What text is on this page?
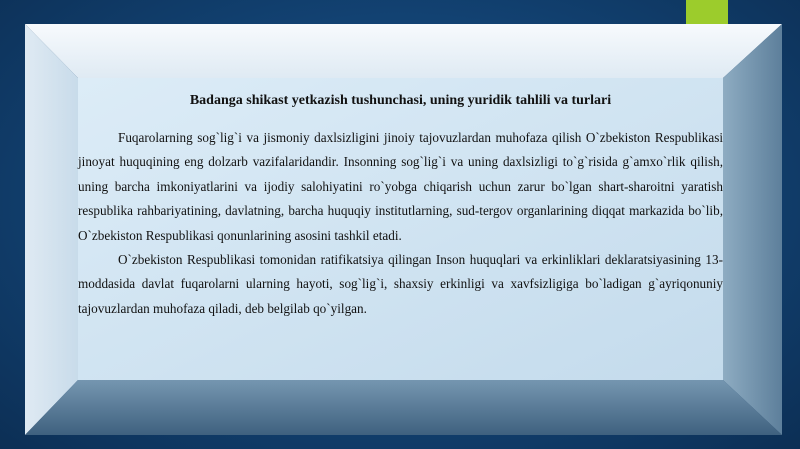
Badanga shikast yetkazish tushunchasi, uning yuridik tahlili va turlari

Fuqarolarning sog`lig`i va jismoniy daxlsizligini jinoiy tajovuzlardan muhofaza qilish O`zbekiston Respublikasi jinoyat huquqining eng dolzarb vazifalaridandir. Insonning sog`lig`i va uning daxlsizligi to`g`risida g`amxo`rlik qilish, uning barcha imkoniyatlarini va ijodiy salohiyatini ro`yobga chiqarish uchun zarur bo`lgan shart-sharoitni yaratish respublika rahbariyatining, davlatning, barcha huquqiy institutlarning, sud-tergov organlarining diqqat markazida bo`lib, O`zbekiston Respublikasi qonunlarining asosini tashkil etadi.

O`zbekiston Respublikasi tomonidan ratifikatsiya qilingan Inson huquqlari va erkinliklari deklaratsiyasining 13-moddasida davlat fuqarolarni ularning hayoti, sog`lig`i, shaxsiy erkinligi va xavfsizligiga bo`ladigan g`ayriqonuniy tajovuzlardan muhofaza qiladi, deb belgilab qo`yilgan.
